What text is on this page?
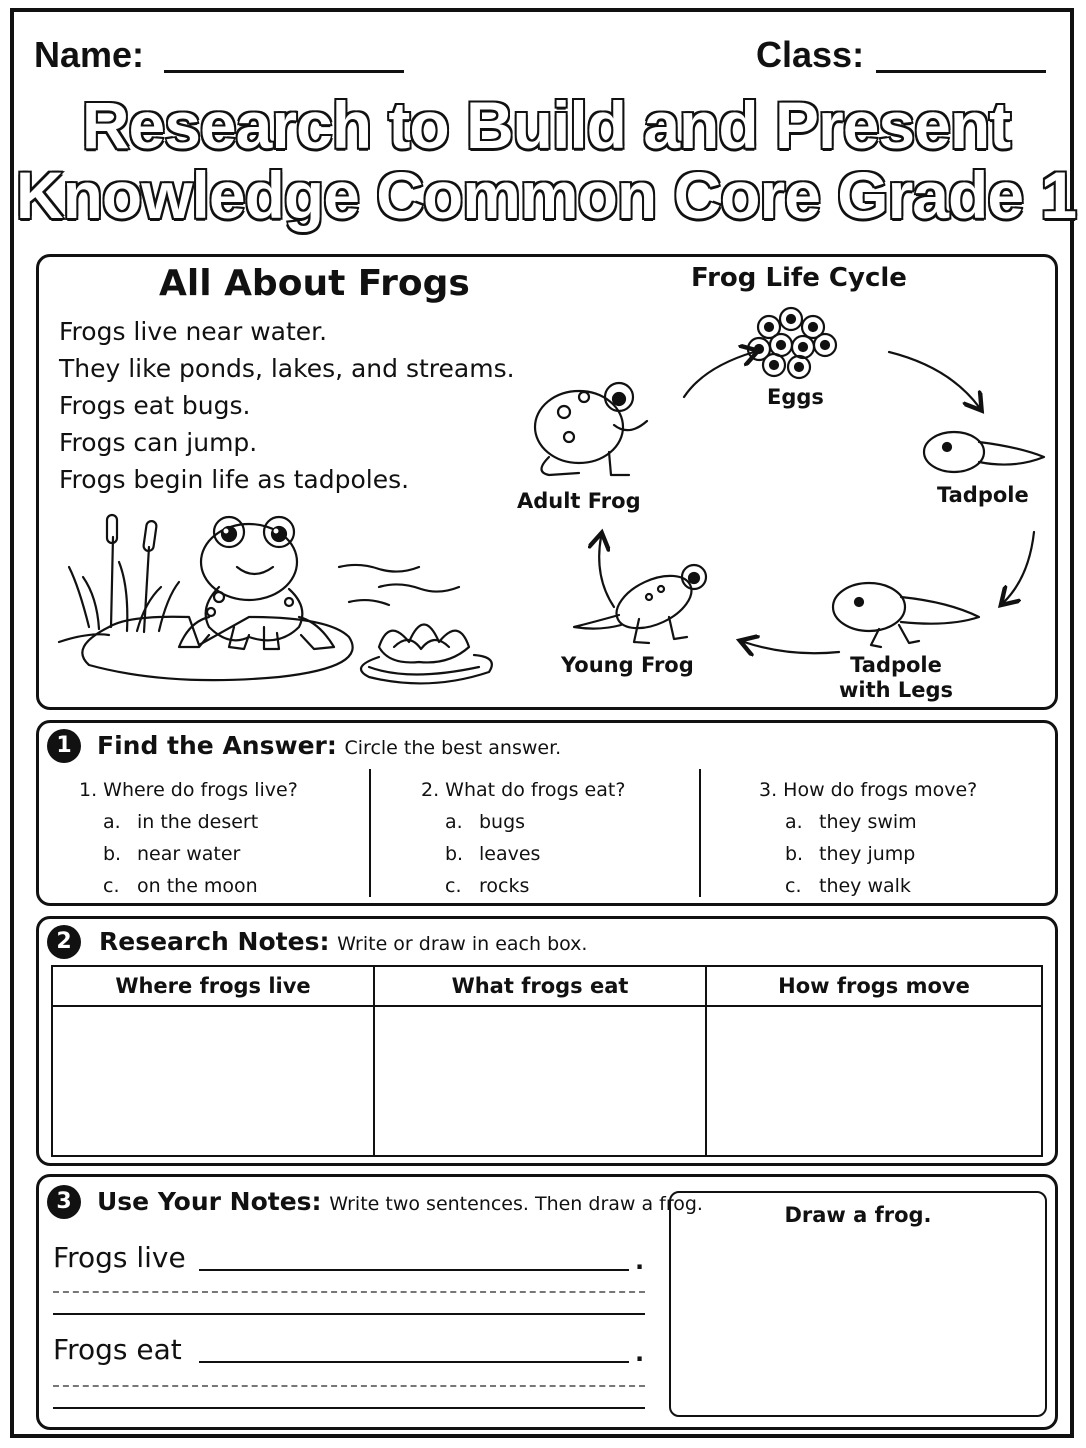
Name:	Class:
Research to Build and Present
Knowledge Common Core Grade 1
All About Frogs
Frogs live near water.
They like ponds, lakes, and streams.
Frogs eat bugs.
Frogs can jump.
Frogs begin life as tadpoles.
Frog Life Cycle
Eggs
Tadpole
Tadpole
with Legs
Young Frog
Adult Frog
1	Find the Answer: Circle the best answer.
1. Where do frogs live?
a. in the desert
b. near water
c. on the moon
2. What do frogs eat?
a. bugs
b. leaves
c. rocks
3. How do frogs move?
a. they swim
b. they jump
c. they walk
2	Research Notes: Write or draw in each box.
Where frogs live	What frogs eat	How frogs move

3	Use Your Notes: Write two sentences. Then draw a frog.
Frogs live	.
Frogs eat	.
Draw a frog.
